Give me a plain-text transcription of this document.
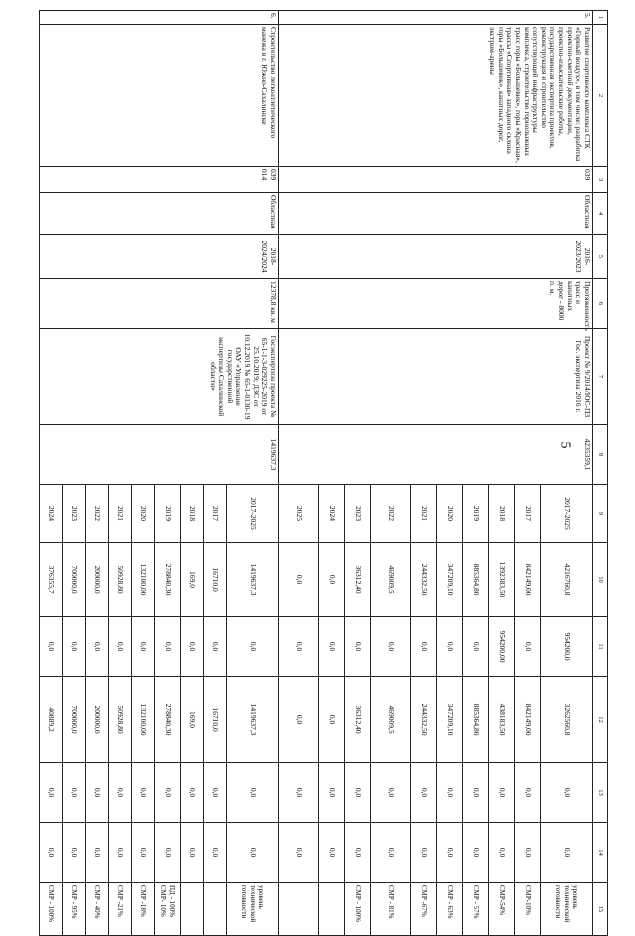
5
1	2	3	4	5	6	7	8	9	10	11	12	13	14	15
5.	Развитие спортивного комплекса СТК «Горный воздух», в том числе: разработка проектно-сметной документации, проектно-изыскательские работы, государственная экспертиза проектов, реконструкция и строительство сопутствующей инфраструктуры комплекса, строительство горнолыжных трасс горы «Большевик», горы «Красная», трассы «Спортивная» западного склона горы «Большевик», канатных дорог, экстрим-арены	039	Областная	2016-2023/2023	Протяженность трасс и канатных дорог - 8000 п. м.	Проект № 9/2014/ЮС-ПЗ Гос. экспертиза 2016 г.	4235359,1	2017-2025	4216760,8	954200,0	3262560,8	0,0	0,0	уровень технической готовности
								2017	842149,00	0,0	842149,00	0,0	0,0	СМР-10%
								2018	1392383,50	954200,00	438183,50	0,0	0,0	СМР-54%
								2019	885364,80	0,0	885364,80	0,0	0,0	СМР - 57%
								2020	347209,10	0,0	347209,10	0,0	0,0	СМР - 63%
								2021	244332,50	0,0	244332,50	0,0	0,0	СМР -67%
								2022	469009,5	0,0	469009,5	0,0	0,0	СМР - 81%
								2023	36312,40	0,0	36312,40	0,0	0,0	СМР - 100%
								2024	0,0	0,0	0,0	0,0	0,0	
								2025	0,0	0,0	0,0	0,0	0,0	
6.	Строительство легкоатлетического манежа в г. Южно-Сахалинске	039 014	Областная	2018-2024/2024	12378,8 кв. м	Госэкспертиза проекта № 65-1-1-3-029225-2019 от 25.10.2019; ДЗС от 10.12.2019 № 65-1-0130-19 ОАУ «Управление государственной экспертизы Сахалинской области»	1419637,3	2017-2025	1419637,3	0,0	1419637,3	0,0	0,0	уровень технической готовности
								2017	16710,0	0,0	16710,0	0,0	0,0	
								2018	169,0	0,0	169,0	0,0	0,0	
								2019	278840,30	0,0	278840,30	0,0	0,0	ПД - 100% СМР- 10%
								2020	132100,00	0,0	132100,00	0,0	0,0	СМР -18%
								2021	50928,80	0,0	50928,80	0,0	0,0	СМР -21%
								2022	200000,0	0,0	200000,0	0,0	0,0	СМР - 40%
								2023	700000,0	0,0	700000,0	0,0	0,0	СМР - 95%
								2024	376355,7	0,0	40889,2	0,0	0,0	СМР - 100%
